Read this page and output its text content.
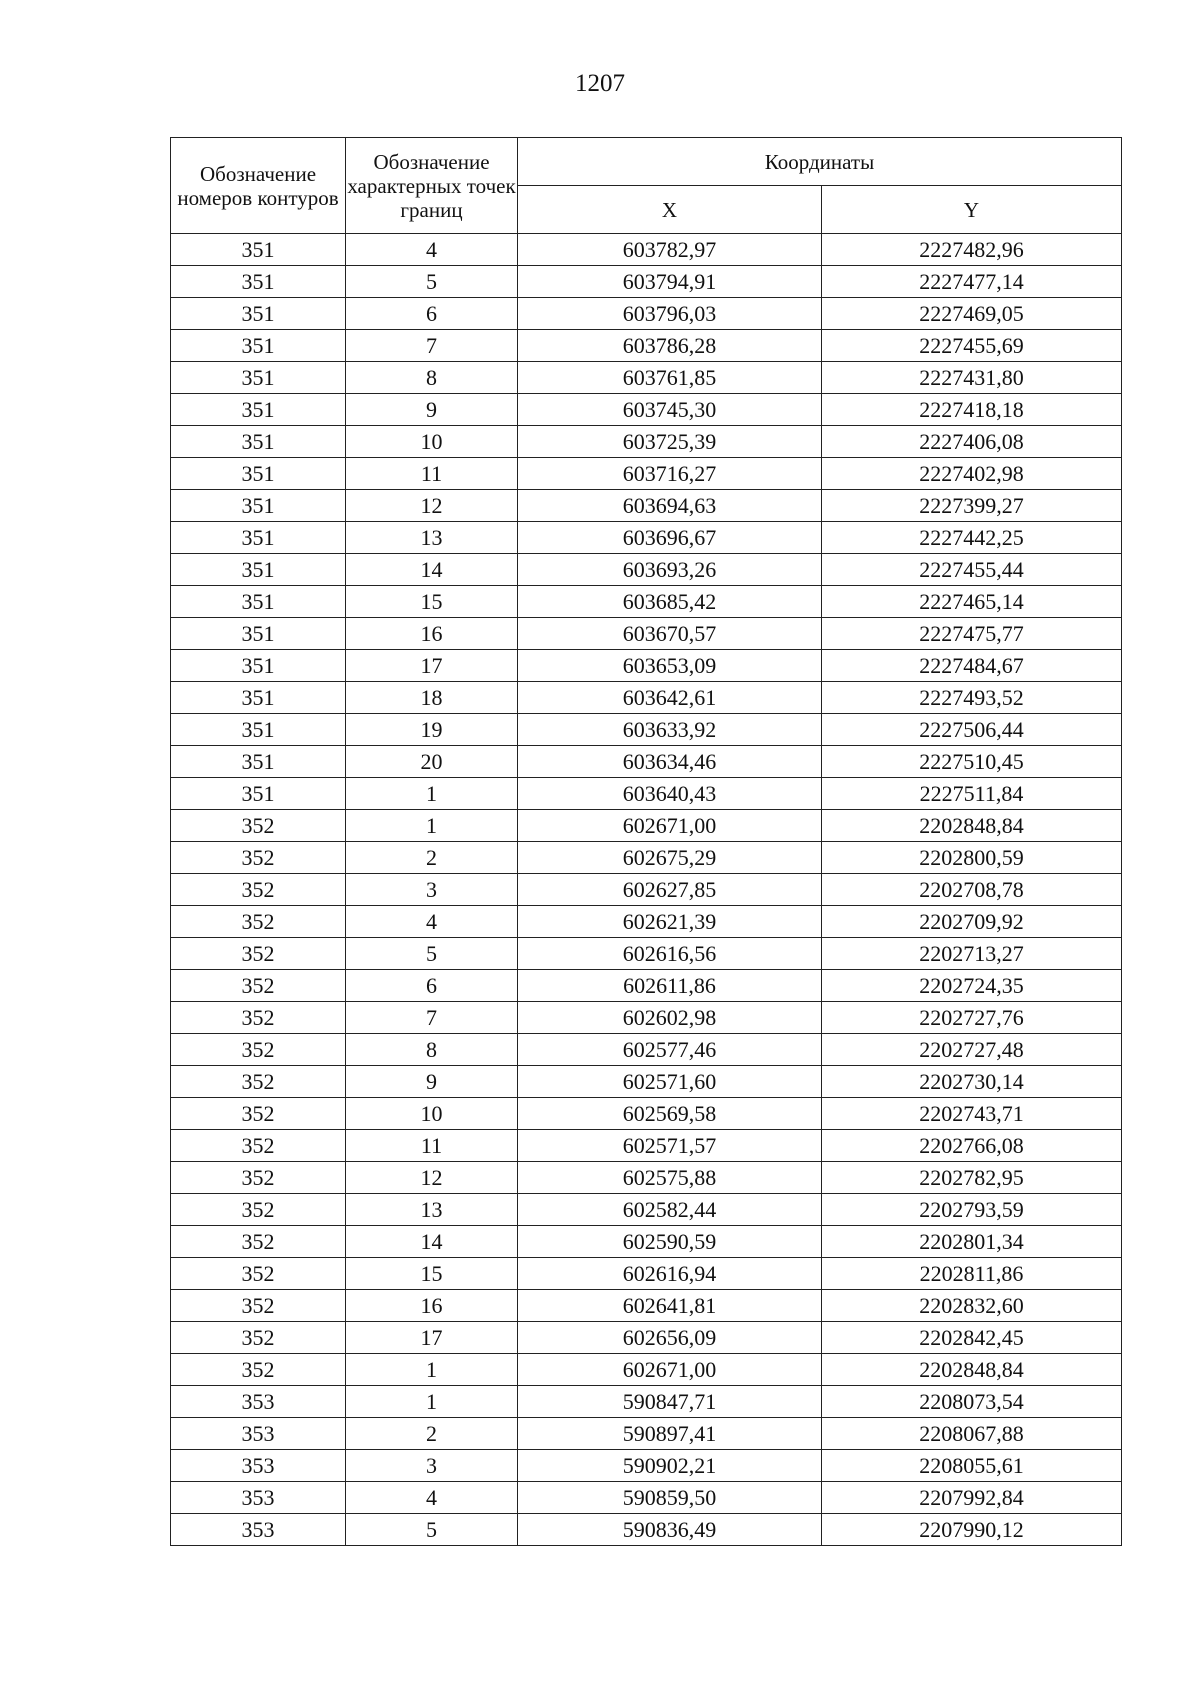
1207
Обозначение номеров контуров	Обозначение характерных точек границ	Координаты	
		X	Y
351	4	603782,97	2227482,96
351	5	603794,91	2227477,14
351	6	603796,03	2227469,05
351	7	603786,28	2227455,69
351	8	603761,85	2227431,80
351	9	603745,30	2227418,18
351	10	603725,39	2227406,08
351	11	603716,27	2227402,98
351	12	603694,63	2227399,27
351	13	603696,67	2227442,25
351	14	603693,26	2227455,44
351	15	603685,42	2227465,14
351	16	603670,57	2227475,77
351	17	603653,09	2227484,67
351	18	603642,61	2227493,52
351	19	603633,92	2227506,44
351	20	603634,46	2227510,45
351	1	603640,43	2227511,84
352	1	602671,00	2202848,84
352	2	602675,29	2202800,59
352	3	602627,85	2202708,78
352	4	602621,39	2202709,92
352	5	602616,56	2202713,27
352	6	602611,86	2202724,35
352	7	602602,98	2202727,76
352	8	602577,46	2202727,48
352	9	602571,60	2202730,14
352	10	602569,58	2202743,71
352	11	602571,57	2202766,08
352	12	602575,88	2202782,95
352	13	602582,44	2202793,59
352	14	602590,59	2202801,34
352	15	602616,94	2202811,86
352	16	602641,81	2202832,60
352	17	602656,09	2202842,45
352	1	602671,00	2202848,84
353	1	590847,71	2208073,54
353	2	590897,41	2208067,88
353	3	590902,21	2208055,61
353	4	590859,50	2207992,84
353	5	590836,49	2207990,12
